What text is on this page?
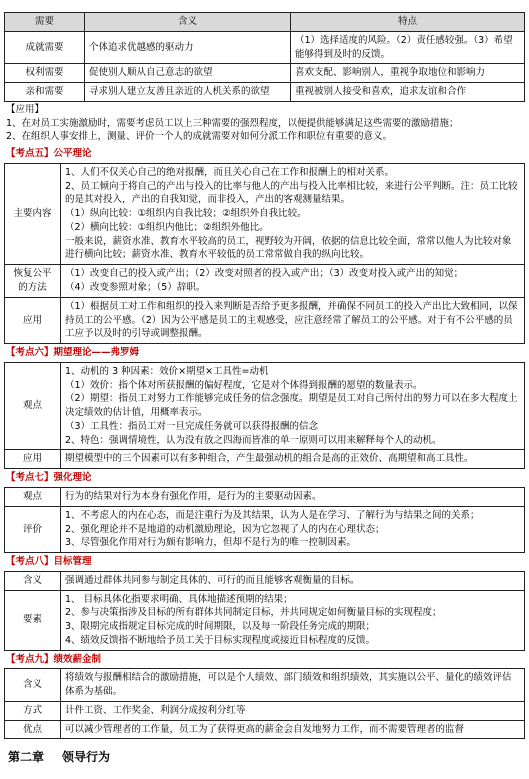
需要	含义	特点
成就需要	个体追求优越感的驱动力	（1）选择适度的风险。（2）责任感较强。（3）希望能够得到及时的反馈。
权利需要	促使别人顺从自己意志的欲望	喜欢支配、影响别人，重视争取地位和影响力
亲和需要	寻求别人建立友善且亲近的人机关系的欲望	重视被别人接受和喜欢，追求友谊和合作

【应用】

1、在对员工实施激励时，需要考虑员工以上三种需要的强烈程度，以便提供能够满足这些需要的激励措施；

2、在组织人事安排上，测量、评价一个人的成就需要对如何分派工作和职位有重要的意义。

【考点五】公平理论
主要内容	1、人们不仅关心自己的绝对报酬，而且关心自己在工作和报酬上的相对关系。

2、员工倾向于将自己的产出与投入的比率与他人的产出与投入比率相比较，来进行公平判断。注：员工比较的是其对投入，产出的自我知觉，而非投入，产出的客观测量结果。

（1）纵向比较：①组织内自我比较；②组织外自我比较。

（2）横向比较：①组织内他比；②组织外他比。

一般来说，薪资水准、教育水平较高的员工，视野较为开阔，依据的信息比较全面，常常以他人为比较对象进行横向比较；薪资水准、教育水平较低的员工常常做自我的纵向比较。

恢复公平的方法	（1）改变自己的投入或产出；（2）改变对照者的投入或产出；（3）改变对投入或产出的知觉；

（4）改变参照对象；（5）辞职。

应用	（1）根据员工对工作和组织的投入来判断是否给予更多报酬，并确保不同员工的投入产出比大致相同，以保持员工的公平感。（2）因为公平感是员工的主观感受，应注意经常了解员工的公平感。对于有不公平感的员工应予以及时的引导或调整报酬。
【考点六】期望理论——弗罗姆
观点	1、动机的 3 种因素：效价×期望×工具性=动机

（1）效价：指个体对所获报酬的偏好程度，它是对个体得到报酬的愿望的数量表示。

（2）期望：指员工对努力工作能够完成任务的信念强度。期望是员工对自己所付出的努力可以在多大程度上决定绩效的估计值，用概率表示。

（3）工具性：指员工对一旦完成任务就可以获得报酬的信念

2、特色：强调情境性，认为没有放之四海而皆准的单一原则可以用来解释每个人的动机。

应用	期望模型中的三个因素可以有多种组合，产生最强动机的组合是高的正效价、高期望和高工具性。
【考点七】强化理论
观点	行为的结果对行为本身有强化作用，是行为的主要驱动因素。
评价	1、不考虑人的内在心态，而是注重行为及其结果，认为人是在学习、了解行为与结果之间的关系；

2、强化理论并不是地道的动机激励理论，因为它忽视了人的内在心理状态；

3、尽管强化作用对行为颇有影响力，但却不是行为的唯一控制因素。

【考点八】目标管理
含义	强调通过群体共同参与制定具体的、可行的而且能够客观衡量的目标。
要素	1、 目标具体化指要求明确、具体地描述预期的结果；

2、参与决策指涉及目标的所有群体共同制定目标，并共同规定如何衡量目标的实现程度；

3、限期完成指规定目标完成的时间期限，以及每一阶段任务完成的期限；

4、绩效反馈指不断地给予员工关于目标实现程度或接近目标程度的反馈。

【考点九】绩效薪金制
含义	将绩效与报酬相结合的激励措施，可以是个人绩效、部门绩效和组织绩效，其实施以公平、量化的绩效评估体系为基础。
方式	计件工资、工作奖金、利润分成按利分红等
优点	可以减少管理者的工作量，员工为了获得更高的薪金会自发地努力工作，而不需要管理者的监督
第二章 领导行为
